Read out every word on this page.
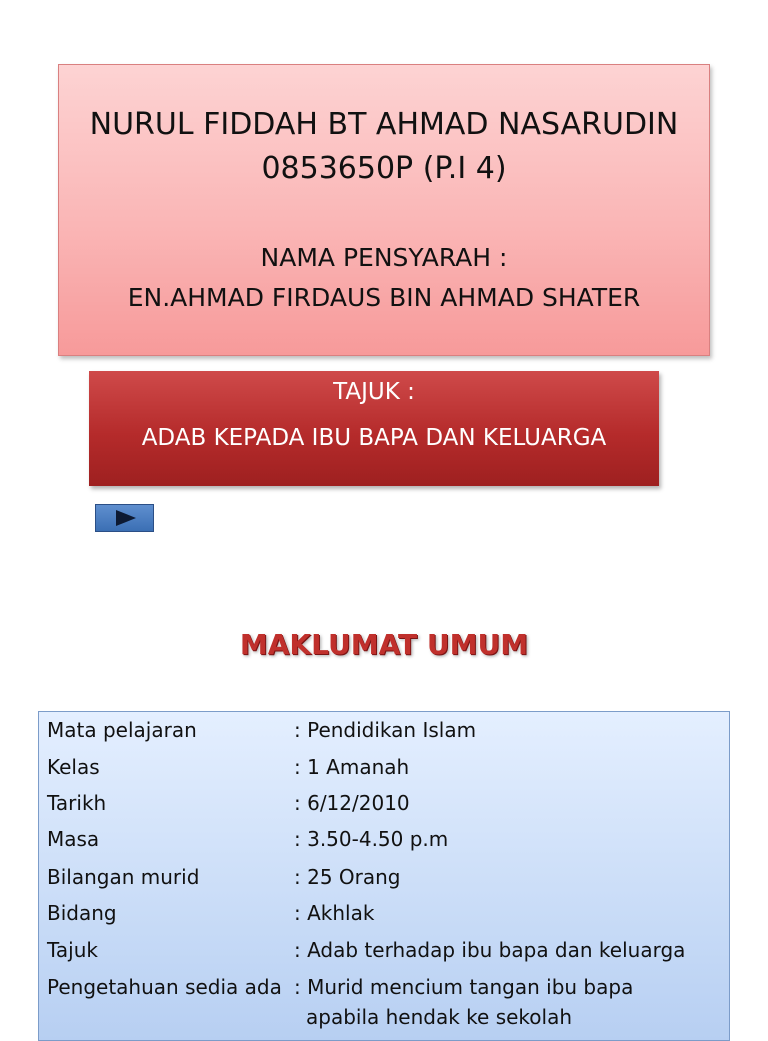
NURUL FIDDAH BT AHMAD NASARUDIN
0853650P (P.I 4)
NAMA PENSYARAH :
EN.AHMAD FIRDAUS BIN AHMAD SHATER
TAJUK :
ADAB KEPADA IBU BAPA DAN KELUARGA
MAKLUMAT UMUM
Mata pelajaran	: Pendidikan Islam
Kelas	: 1 Amanah
Tarikh	: 6/12/2010
Masa	: 3.50-4.50 p.m
Bilangan murid	: 25 Orang
Bidang	: Akhlak
Tajuk	: Adab terhadap ibu bapa dan keluarga
Pengetahuan sedia ada : Murid mencium tangan ibu bapa
apabila hendak ke sekolah
